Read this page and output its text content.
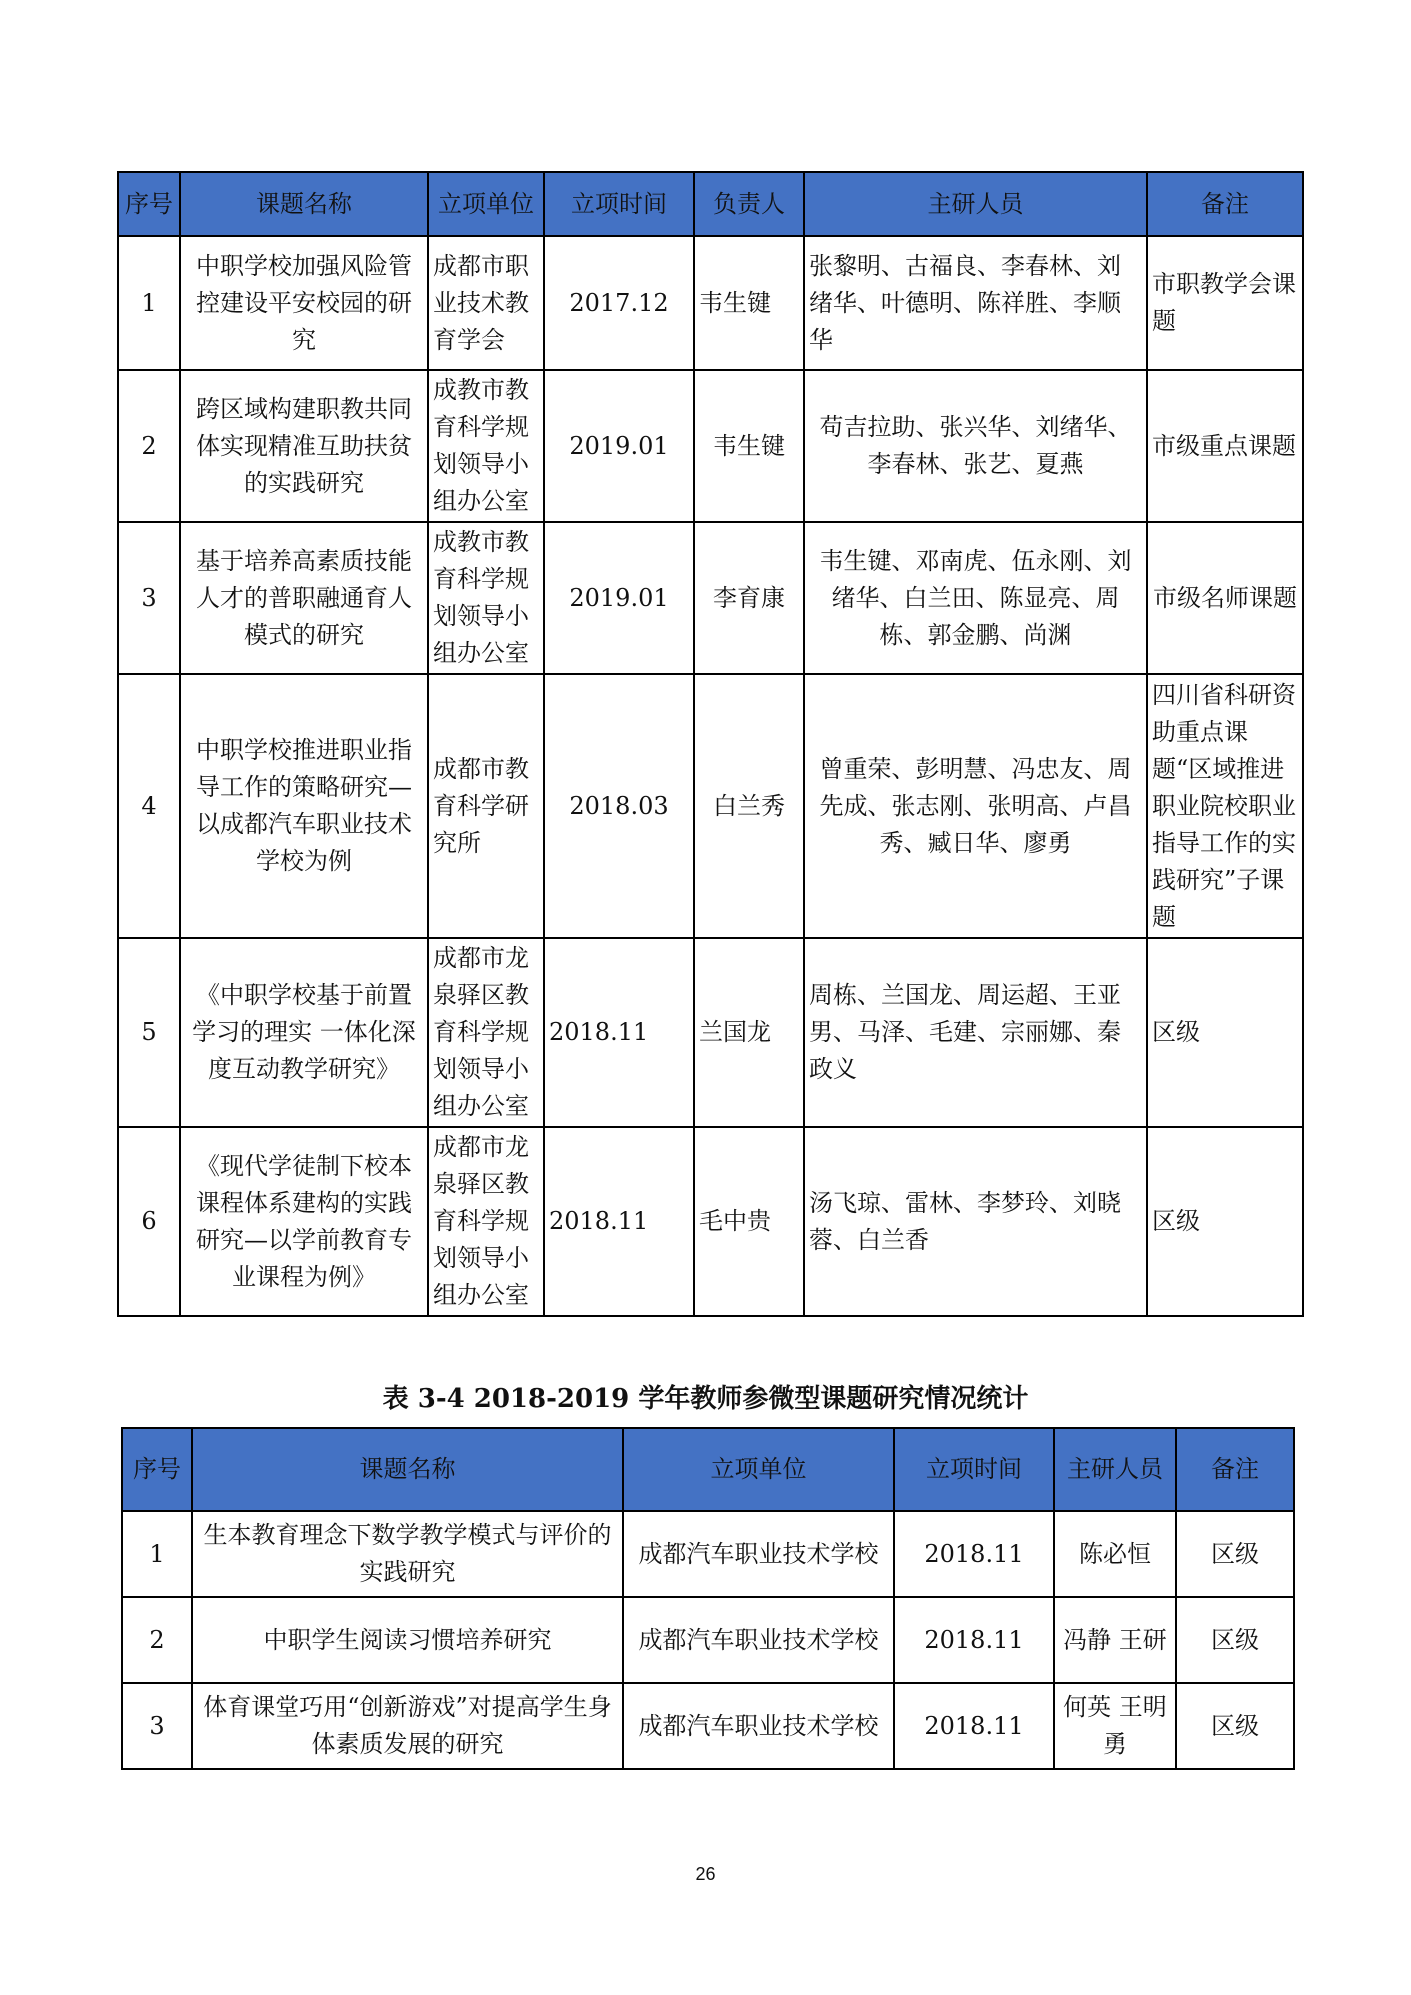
序号	课题名称	立项单位	立项时间	负责人	主研人员	备注
1	中职学校加强风险管控建设平安校园的研究	成都市职业技术教育学会	2017.12	韦生键	张黎明、古福良、李春林、刘绪华、叶德明、陈祥胜、李顺华	市职教学会课题
2	跨区域构建职教共同体实现精准互助扶贫的实践研究	成教市教育科学规划领导小组办公室	2019.01	韦生键	苟吉拉助、张兴华、刘绪华、李春林、张艺、夏燕	市级重点课题
3	基于培养高素质技能人才的普职融通育人模式的研究	成教市教育科学规划领导小组办公室	2019.01	李育康	韦生键、邓南虎、伍永刚、刘绪华、白兰田、陈显亮、周栋、郭金鹏、尚渊	市级名师课题
4	中职学校推进职业指导工作的策略研究—以成都汽车职业技术学校为例	成都市教育科学研究所	2018.03	白兰秀	曾重荣、彭明慧、冯忠友、周先成、张志刚、张明高、卢昌秀、臧日华、廖勇	四川省科研资助重点课题“区域推进职业院校职业指导工作的实践研究”子课题
5	《中职学校基于前置学习的理实 一体化深度互动教学研究》	成都市龙泉驿区教育科学规划领导小组办公室	2018.11	兰国龙	周栋、兰国龙、周运超、王亚男、马泽、毛建、宗丽娜、秦政义	区级
6	《现代学徒制下校本课程体系建构的实践研究—以学前教育专业课程为例》	成都市龙泉驿区教育科学规划领导小组办公室	2018.11	毛中贵	汤飞琼、雷林、李梦玲、刘晓蓉、白兰香	区级
表 3-4 2018-2019 学年教师参微型课题研究情况统计
序号	课题名称	立项单位	立项时间	主研人员	备注
1	生本教育理念下数学教学模式与评价的实践研究	成都汽车职业技术学校	2018.11	陈必恒	区级
2	中职学生阅读习惯培养研究	成都汽车职业技术学校	2018.11	冯静 王研	区级
3	体育课堂巧用“创新游戏”对提高学生身体素质发展的研究	成都汽车职业技术学校	2018.11	何英 王明勇	区级
26
